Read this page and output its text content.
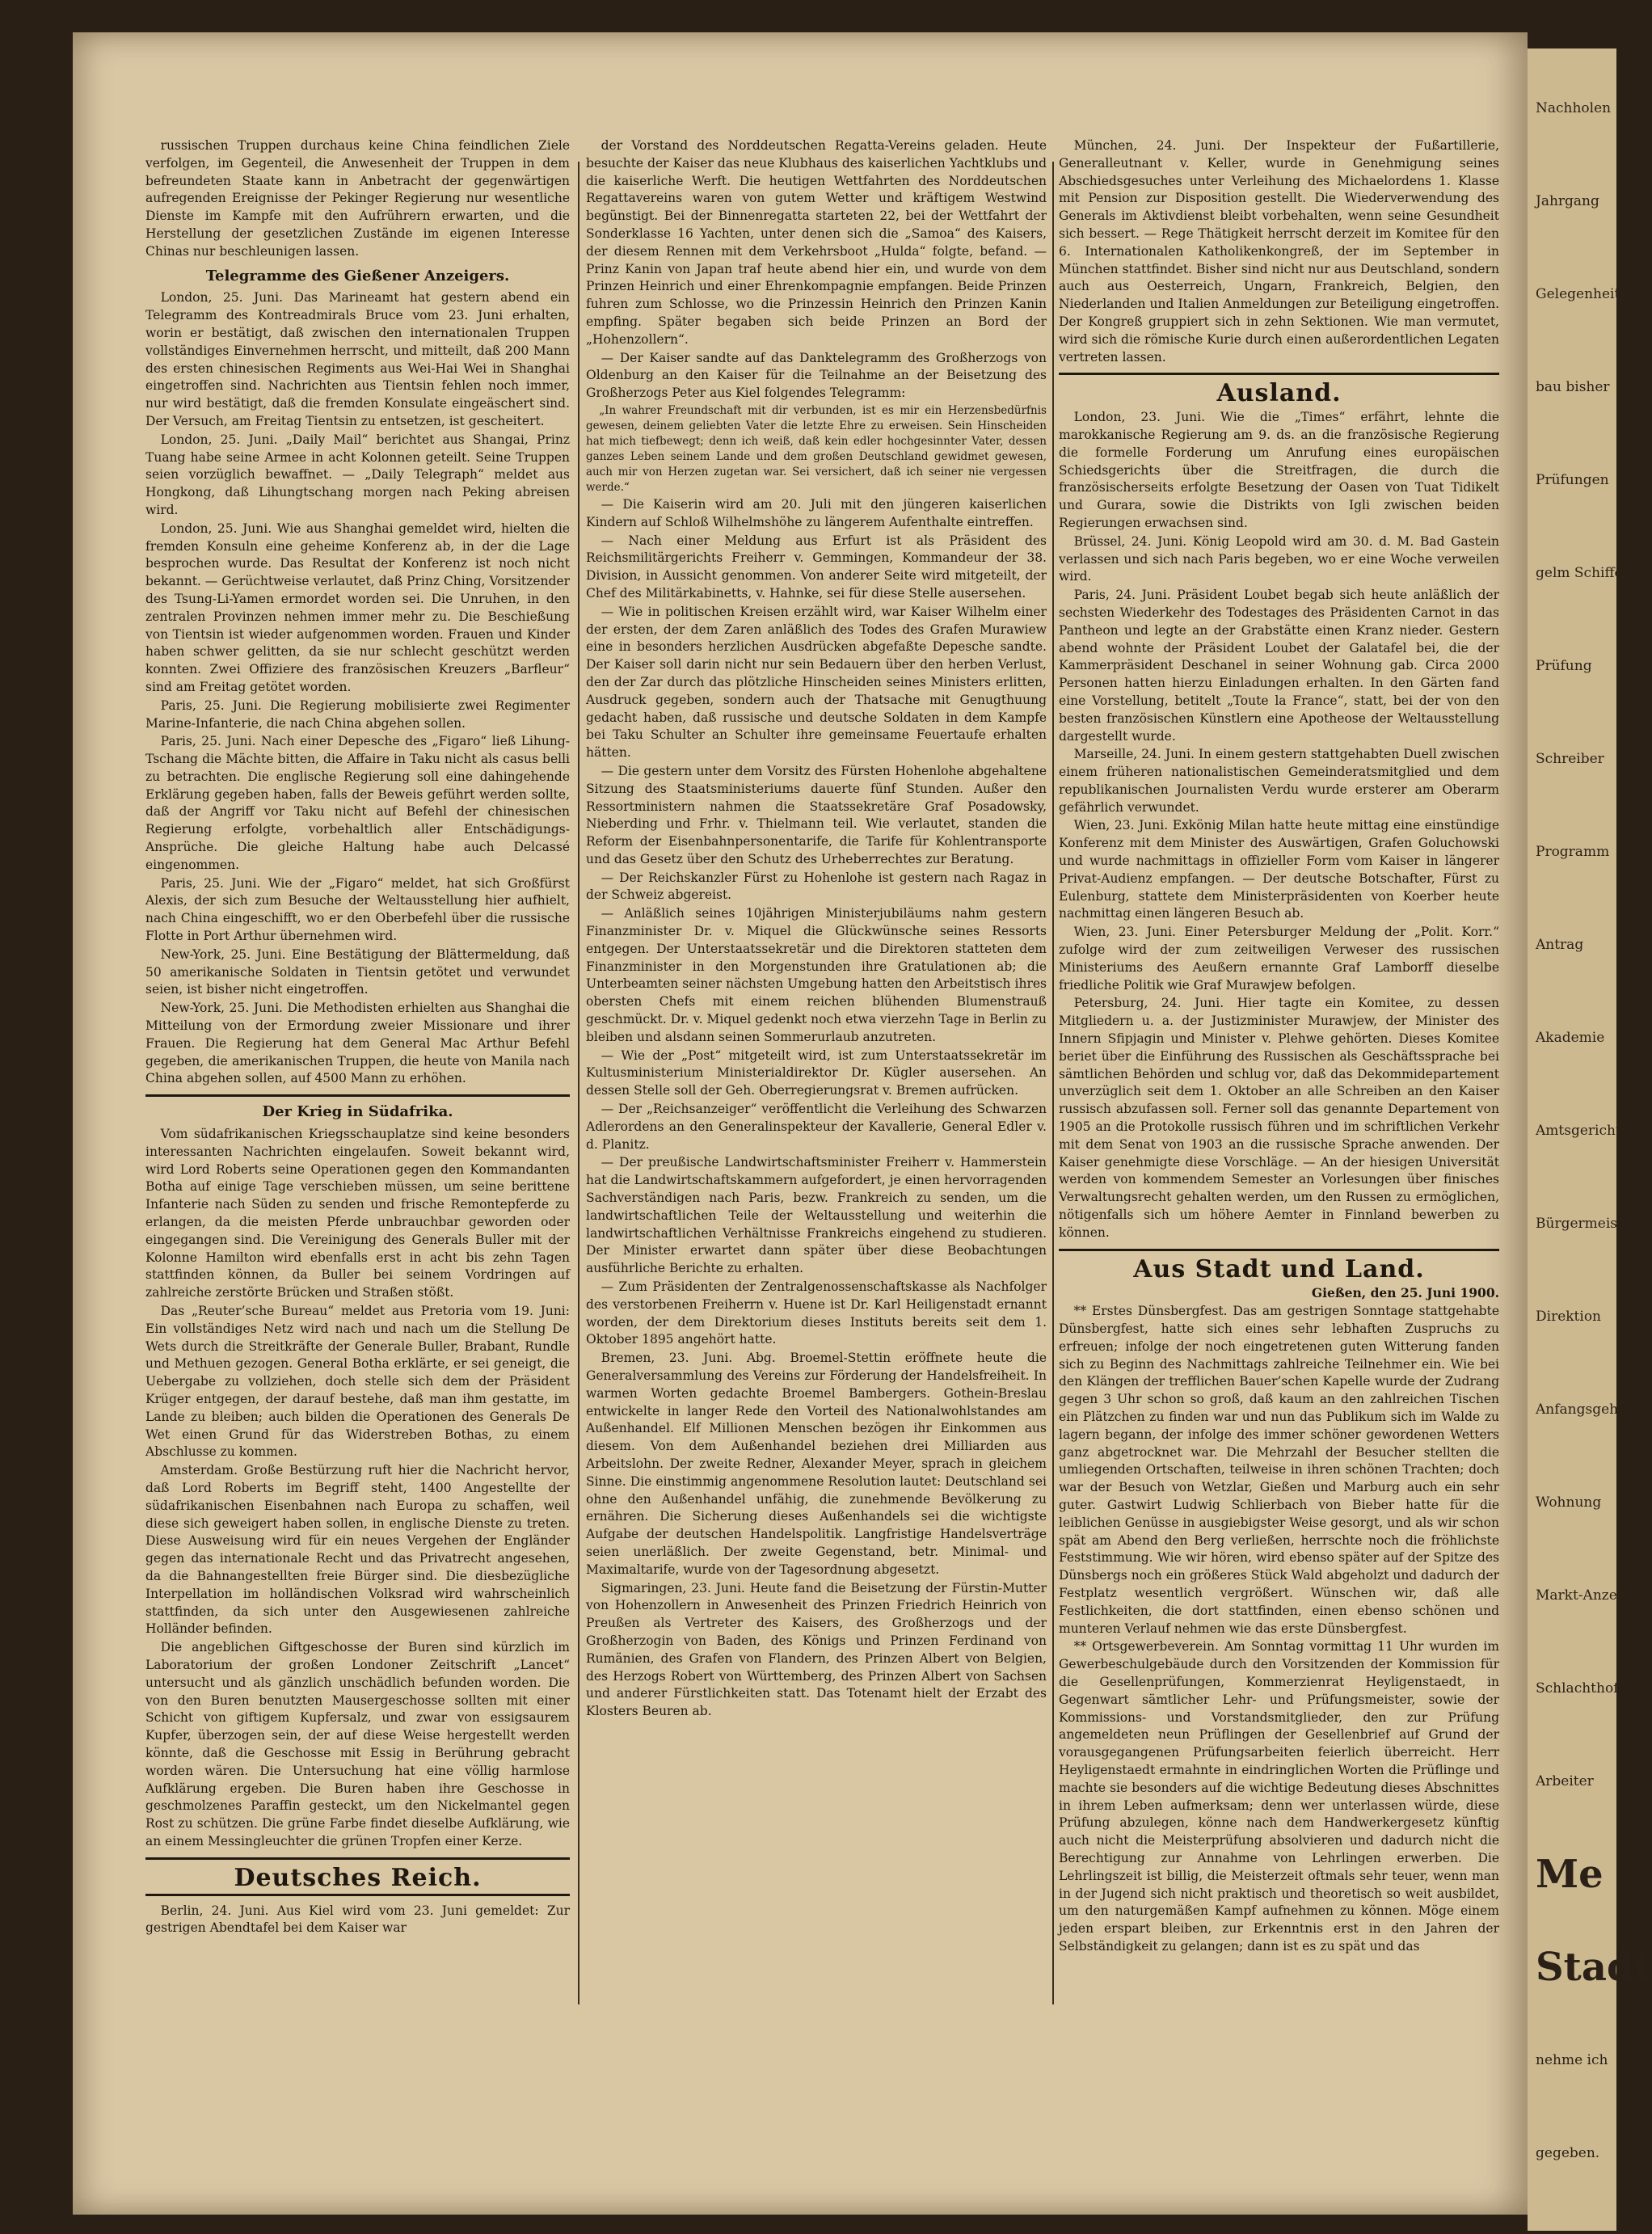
russischen Truppen durchaus keine China feindlichen Ziele verfolgen, im Gegenteil, die Anwesenheit der Truppen in dem befreundeten Staate kann in Anbetracht der gegenwärtigen aufregenden Ereignisse der Pekinger Regierung nur wesentliche Dienste im Kampfe mit den Aufrührern erwarten, und die Herstellung der gesetzlichen Zustände im eigenen Interesse Chinas nur beschleunigen lassen.

Telegramme des Gießener Anzeigers.

London, 25. Juni. Das Marineamt hat gestern abend ein Telegramm des Kontreadmirals Bruce vom 23. Juni erhalten, worin er bestätigt, daß zwischen den internationalen Truppen vollständiges Einvernehmen herrscht, und mitteilt, daß 200 Mann des ersten chinesischen Regiments aus Wei-Hai Wei in Shanghai eingetroffen sind. Nachrichten aus Tientsin fehlen noch immer, nur wird bestätigt, daß die fremden Konsulate eingeäschert sind. Der Versuch, am Freitag Tientsin zu entsetzen, ist gescheitert.

London, 25. Juni. „Daily Mail“ berichtet aus Shangai, Prinz Tuang habe seine Armee in acht Kolonnen geteilt. Seine Truppen seien vorzüglich bewaffnet. — „Daily Telegraph“ meldet aus Hongkong, daß Lihungtschang morgen nach Peking abreisen wird.

London, 25. Juni. Wie aus Shanghai gemeldet wird, hielten die fremden Konsuln eine geheime Konferenz ab, in der die Lage besprochen wurde. Das Resultat der Konferenz ist noch nicht bekannt. — Gerüchtweise verlautet, daß Prinz Ching, Vorsitzender des Tsung-Li-Yamen ermordet worden sei. Die Unruhen, in den zentralen Provinzen nehmen immer mehr zu. Die Beschießung von Tientsin ist wieder aufgenommen worden. Frauen und Kinder haben schwer gelitten, da sie nur schlecht geschützt werden konnten. Zwei Offiziere des französischen Kreuzers „Barfleur“ sind am Freitag getötet worden.

Paris, 25. Juni. Die Regierung mobilisierte zwei Regimenter Marine-Infanterie, die nach China abgehen sollen.

Paris, 25. Juni. Nach einer Depesche des „Figaro“ ließ Lihung-Tschang die Mächte bitten, die Affaire in Taku nicht als casus belli zu betrachten. Die englische Regierung soll eine dahingehende Erklärung gegeben haben, falls der Beweis geführt werden sollte, daß der Angriff vor Taku nicht auf Befehl der chinesischen Regierung erfolgte, vorbehaltlich aller Entschädigungs-Ansprüche. Die gleiche Haltung habe auch Delcassé eingenommen.

Paris, 25. Juni. Wie der „Figaro“ meldet, hat sich Großfürst Alexis, der sich zum Besuche der Weltausstellung hier aufhielt, nach China eingeschifft, wo er den Oberbefehl über die russische Flotte in Port Arthur übernehmen wird.

New-York, 25. Juni. Eine Bestätigung der Blättermeldung, daß 50 amerikanische Soldaten in Tientsin getötet und verwundet seien, ist bisher nicht eingetroffen.

New-York, 25. Juni. Die Methodisten erhielten aus Shanghai die Mitteilung von der Ermordung zweier Missionare und ihrer Frauen. Die Regierung hat dem General Mac Arthur Befehl gegeben, die amerikanischen Truppen, die heute von Manila nach China abgehen sollen, auf 4500 Mann zu erhöhen.

Der Krieg in Südafrika.

Vom südafrikanischen Kriegsschauplatze sind keine besonders interessanten Nachrichten eingelaufen. Soweit bekannt wird, wird Lord Roberts seine Operationen gegen den Kommandanten Botha auf einige Tage verschieben müssen, um seine berittene Infanterie nach Süden zu senden und frische Remontepferde zu erlangen, da die meisten Pferde unbrauchbar geworden oder eingegangen sind. Die Vereinigung des Generals Buller mit der Kolonne Hamilton wird ebenfalls erst in acht bis zehn Tagen stattfinden können, da Buller bei seinem Vordringen auf zahlreiche zerstörte Brücken und Straßen stößt.

Das „Reuter’sche Bureau“ meldet aus Pretoria vom 19. Juni: Ein vollständiges Netz wird nach und nach um die Stellung De Wets durch die Streitkräfte der Generale Buller, Brabant, Rundle und Methuen gezogen. General Botha erklärte, er sei geneigt, die Uebergabe zu vollziehen, doch stelle sich dem der Präsident Krüger entgegen, der darauf bestehe, daß man ihm gestatte, im Lande zu bleiben; auch bilden die Operationen des Generals De Wet einen Grund für das Widerstreben Bothas, zu einem Abschlusse zu kommen.

Amsterdam. Große Bestürzung ruft hier die Nachricht hervor, daß Lord Roberts im Begriff steht, 1400 Angestellte der südafrikanischen Eisenbahnen nach Europa zu schaffen, weil diese sich geweigert haben sollen, in englische Dienste zu treten. Diese Ausweisung wird für ein neues Vergehen der Engländer gegen das internationale Recht und das Privatrecht angesehen, da die Bahnangestellten freie Bürger sind. Die diesbezügliche Interpellation im holländischen Volksrad wird wahrscheinlich stattfinden, da sich unter den Ausgewiesenen zahlreiche Holländer befinden.

Die angeblichen Giftgeschosse der Buren sind kürzlich im Laboratorium der großen Londoner Zeitschrift „Lancet“ untersucht und als gänzlich unschädlich befunden worden. Die von den Buren benutzten Mausergeschosse sollten mit einer Schicht von giftigem Kupfersalz, und zwar von essigsaurem Kupfer, überzogen sein, der auf diese Weise hergestellt werden könnte, daß die Geschosse mit Essig in Berührung gebracht worden wären. Die Untersuchung hat eine völlig harmlose Aufklärung ergeben. Die Buren haben ihre Geschosse in geschmolzenes Paraffin gesteckt, um den Nickelmantel gegen Rost zu schützen. Die grüne Farbe findet dieselbe Aufklärung, wie an einem Messingleuchter die grünen Tropfen einer Kerze.

Deutsches Reich.

Berlin, 24. Juni. Aus Kiel wird vom 23. Juni gemeldet: Zur gestrigen Abendtafel bei dem Kaiser war

der Vorstand des Norddeutschen Regatta-Vereins geladen. Heute besuchte der Kaiser das neue Klubhaus des kaiserlichen Yachtklubs und die kaiserliche Werft. Die heutigen Wettfahrten des Norddeutschen Regattavereins waren von gutem Wetter und kräftigem Westwind begünstigt. Bei der Binnenregatta starteten 22, bei der Wettfahrt der Sonderklasse 16 Yachten, unter denen sich die „Samoa“ des Kaisers, der diesem Rennen mit dem Verkehrsboot „Hulda“ folgte, befand. — Prinz Kanin von Japan traf heute abend hier ein, und wurde von dem Prinzen Heinrich und einer Ehrenkompagnie empfangen. Beide Prinzen fuhren zum Schlosse, wo die Prinzessin Heinrich den Prinzen Kanin empfing. Später begaben sich beide Prinzen an Bord der „Hohenzollern“.

— Der Kaiser sandte auf das Danktelegramm des Großherzogs von Oldenburg an den Kaiser für die Teilnahme an der Beisetzung des Großherzogs Peter aus Kiel folgendes Telegramm:

„In wahrer Freundschaft mit dir verbunden, ist es mir ein Herzensbedürfnis gewesen, deinem geliebten Vater die letzte Ehre zu erweisen. Sein Hinscheiden hat mich tiefbewegt; denn ich weiß, daß kein edler hochgesinnter Vater, dessen ganzes Leben seinem Lande und dem großen Deutschland gewidmet gewesen, auch mir von Herzen zugetan war. Sei versichert, daß ich seiner nie vergessen werde.“

— Die Kaiserin wird am 20. Juli mit den jüngeren kaiserlichen Kindern auf Schloß Wilhelmshöhe zu längerem Aufenthalte eintreffen.

— Nach einer Meldung aus Erfurt ist als Präsident des Reichsmilitärgerichts Freiherr v. Gemmingen, Kommandeur der 38. Division, in Aussicht genommen. Von anderer Seite wird mitgeteilt, der Chef des Militärkabinetts, v. Hahnke, sei für diese Stelle ausersehen.

— Wie in politischen Kreisen erzählt wird, war Kaiser Wilhelm einer der ersten, der dem Zaren anläßlich des Todes des Grafen Murawiew eine in besonders herzlichen Ausdrücken abgefaßte Depesche sandte. Der Kaiser soll darin nicht nur sein Bedauern über den herben Verlust, den der Zar durch das plötzliche Hinscheiden seines Ministers erlitten, Ausdruck gegeben, sondern auch der Thatsache mit Genugthuung gedacht haben, daß russische und deutsche Soldaten in dem Kampfe bei Taku Schulter an Schulter ihre gemeinsame Feuertaufe erhalten hätten.

— Die gestern unter dem Vorsitz des Fürsten Hohenlohe abgehaltene Sitzung des Staatsministeriums dauerte fünf Stunden. Außer den Ressortministern nahmen die Staatssekretäre Graf Posadowsky, Nieberding und Frhr. v. Thielmann teil. Wie verlautet, standen die Reform der Eisenbahnpersonentarife, die Tarife für Kohlentransporte und das Gesetz über den Schutz des Urheberrechtes zur Beratung.

— Der Reichskanzler Fürst zu Hohenlohe ist gestern nach Ragaz in der Schweiz abgereist.

— Anläßlich seines 10jährigen Ministerjubiläums nahm gestern Finanzminister Dr. v. Miquel die Glückwünsche seines Ressorts entgegen. Der Unterstaatssekretär und die Direktoren statteten dem Finanzminister in den Morgenstunden ihre Gratulationen ab; die Unterbeamten seiner nächsten Umgebung hatten den Arbeitstisch ihres obersten Chefs mit einem reichen blühenden Blumenstrauß geschmückt. Dr. v. Miquel gedenkt noch etwa vierzehn Tage in Berlin zu bleiben und alsdann seinen Sommerurlaub anzutreten.

— Wie der „Post“ mitgeteilt wird, ist zum Unterstaatssekretär im Kultusministerium Ministerialdirektor Dr. Kügler ausersehen. An dessen Stelle soll der Geh. Oberregierungsrat v. Bremen aufrücken.

— Der „Reichsanzeiger“ veröffentlicht die Verleihung des Schwarzen Adlerordens an den Generalinspekteur der Kavallerie, General Edler v. d. Planitz.

— Der preußische Landwirtschaftsminister Freiherr v. Hammerstein hat die Landwirtschaftskammern aufgefordert, je einen hervorragenden Sachverständigen nach Paris, bezw. Frankreich zu senden, um die landwirtschaftlichen Teile der Weltausstellung und weiterhin die landwirtschaftlichen Verhältnisse Frankreichs eingehend zu studieren. Der Minister erwartet dann später über diese Beobachtungen ausführliche Berichte zu erhalten.

— Zum Präsidenten der Zentralgenossenschaftskasse als Nachfolger des verstorbenen Freiherrn v. Huene ist Dr. Karl Heiligenstadt ernannt worden, der dem Direktorium dieses Instituts bereits seit dem 1. Oktober 1895 angehört hatte.

Bremen, 23. Juni. Abg. Broemel-Stettin eröffnete heute die Generalversammlung des Vereins zur Förderung der Handelsfreiheit. In warmen Worten gedachte Broemel Bambergers. Gothein-Breslau entwickelte in langer Rede den Vorteil des Nationalwohlstandes am Außenhandel. Elf Millionen Menschen bezögen ihr Einkommen aus diesem. Von dem Außenhandel beziehen drei Milliarden aus Arbeitslohn. Der zweite Redner, Alexander Meyer, sprach in gleichem Sinne. Die einstimmig angenommene Resolution lautet: Deutschland sei ohne den Außenhandel unfähig, die zunehmende Bevölkerung zu ernähren. Die Sicherung dieses Außenhandels sei die wichtigste Aufgabe der deutschen Handelspolitik. Langfristige Handelsverträge seien unerläßlich. Der zweite Gegenstand, betr. Minimal- und Maximaltarife, wurde von der Tagesordnung abgesetzt.

Sigmaringen, 23. Juni. Heute fand die Beisetzung der Fürstin-Mutter von Hohenzollern in Anwesenheit des Prinzen Friedrich Heinrich von Preußen als Vertreter des Kaisers, des Großherzogs und der Großherzogin von Baden, des Königs und Prinzen Ferdinand von Rumänien, des Grafen von Flandern, des Prinzen Albert von Belgien, des Herzogs Robert von Württemberg, des Prinzen Albert von Sachsen und anderer Fürstlichkeiten statt. Das Totenamt hielt der Erzabt des Klosters Beuren ab.

München, 24. Juni. Der Inspekteur der Fußartillerie, Generalleutnant v. Keller, wurde in Genehmigung seines Abschiedsgesuches unter Verleihung des Michaelordens 1. Klasse mit Pension zur Disposition gestellt. Die Wiederverwendung des Generals im Aktivdienst bleibt vorbehalten, wenn seine Gesundheit sich bessert. — Rege Thätigkeit herrscht derzeit im Komitee für den 6. Internationalen Katholikenkongreß, der im September in München stattfindet. Bisher sind nicht nur aus Deutschland, sondern auch aus Oesterreich, Ungarn, Frankreich, Belgien, den Niederlanden und Italien Anmeldungen zur Beteiligung eingetroffen. Der Kongreß gruppiert sich in zehn Sektionen. Wie man vermutet, wird sich die römische Kurie durch einen außerordentlichen Legaten vertreten lassen.

Ausland.

London, 23. Juni. Wie die „Times“ erfährt, lehnte die marokkanische Regierung am 9. ds. an die französische Regierung die formelle Forderung um Anrufung eines europäischen Schiedsgerichts über die Streitfragen, die durch die französischerseits erfolgte Besetzung der Oasen von Tuat Tidikelt und Gurara, sowie die Distrikts von Igli zwischen beiden Regierungen erwachsen sind.

Brüssel, 24. Juni. König Leopold wird am 30. d. M. Bad Gastein verlassen und sich nach Paris begeben, wo er eine Woche verweilen wird.

Paris, 24. Juni. Präsident Loubet begab sich heute anläßlich der sechsten Wiederkehr des Todestages des Präsidenten Carnot in das Pantheon und legte an der Grabstätte einen Kranz nieder. Gestern abend wohnte der Präsident Loubet der Galatafel bei, die der Kammerpräsident Deschanel in seiner Wohnung gab. Circa 2000 Personen hatten hierzu Einladungen erhalten. In den Gärten fand eine Vorstellung, betitelt „Toute la France“, statt, bei der von den besten französischen Künstlern eine Apotheose der Weltausstellung dargestellt wurde.

Marseille, 24. Juni. In einem gestern stattgehabten Duell zwischen einem früheren nationalistischen Gemeinderatsmitglied und dem republikanischen Journalisten Verdu wurde ersterer am Oberarm gefährlich verwundet.

Wien, 23. Juni. Exkönig Milan hatte heute mittag eine einstündige Konferenz mit dem Minister des Auswärtigen, Grafen Goluchowski und wurde nachmittags in offizieller Form vom Kaiser in längerer Privat-Audienz empfangen. — Der deutsche Botschafter, Fürst zu Eulenburg, stattete dem Ministerpräsidenten von Koerber heute nachmittag einen längeren Besuch ab.

Wien, 23. Juni. Einer Petersburger Meldung der „Polit. Korr.“ zufolge wird der zum zeitweiligen Verweser des russischen Ministeriums des Aeußern ernannte Graf Lamborff dieselbe friedliche Politik wie Graf Murawjew befolgen.

Petersburg, 24. Juni. Hier tagte ein Komitee, zu dessen Mitgliedern u. a. der Justizminister Murawjew, der Minister des Innern Sfipjagin und Minister v. Plehwe gehörten. Dieses Komitee beriet über die Einführung des Russischen als Geschäftssprache bei sämtlichen Behörden und schlug vor, daß das Dekommidepartement unverzüglich seit dem 1. Oktober an alle Schreiben an den Kaiser russisch abzufassen soll. Ferner soll das genannte Departement von 1905 an die Protokolle russisch führen und im schriftlichen Verkehr mit dem Senat von 1903 an die russische Sprache anwenden. Der Kaiser genehmigte diese Vorschläge. — An der hiesigen Universität werden von kommendem Semester an Vorlesungen über finisches Verwaltungsrecht gehalten werden, um den Russen zu ermöglichen, nötigenfalls sich um höhere Aemter in Finnland bewerben zu können.

Aus Stadt und Land.

Gießen, den 25. Juni 1900.

** Erstes Dünsbergfest. Das am gestrigen Sonntage stattgehabte Dünsbergfest, hatte sich eines sehr lebhaften Zuspruchs zu erfreuen; infolge der noch eingetretenen guten Witterung fanden sich zu Beginn des Nachmittags zahlreiche Teilnehmer ein. Wie bei den Klängen der trefflichen Bauer’schen Kapelle wurde der Zudrang gegen 3 Uhr schon so groß, daß kaum an den zahlreichen Tischen ein Plätzchen zu finden war und nun das Publikum sich im Walde zu lagern begann, der infolge des immer schöner gewordenen Wetters ganz abgetrocknet war. Die Mehrzahl der Besucher stellten die umliegenden Ortschaften, teilweise in ihren schönen Trachten; doch war der Besuch von Wetzlar, Gießen und Marburg auch ein sehr guter. Gastwirt Ludwig Schlierbach von Bieber hatte für die leiblichen Genüsse in ausgiebigster Weise gesorgt, und als wir schon spät am Abend den Berg verließen, herrschte noch die fröhlichste Feststimmung. Wie wir hören, wird ebenso später auf der Spitze des Dünsbergs noch ein größeres Stück Wald abgeholzt und dadurch der Festplatz wesentlich vergrößert. Wünschen wir, daß alle Festlichkeiten, die dort stattfinden, einen ebenso schönen und munteren Verlauf nehmen wie das erste Dünsbergfest.

** Ortsgewerbeverein. Am Sonntag vormittag 11 Uhr wurden im Gewerbeschulgebäude durch den Vorsitzenden der Kommission für die Gesellenprüfungen, Kommerzienrat Heyligenstaedt, in Gegenwart sämtlicher Lehr- und Prüfungsmeister, sowie der Kommissions- und Vorstandsmitglieder, den zur Prüfung angemeldeten neun Prüflingen der Gesellenbrief auf Grund der vorausgegangenen Prüfungsarbeiten feierlich überreicht. Herr Heyligenstaedt ermahnte in eindringlichen Worten die Prüflinge und machte sie besonders auf die wichtige Bedeutung dieses Abschnittes in ihrem Leben aufmerksam; denn wer unterlassen würde, diese Prüfung abzulegen, könne nach dem Handwerkergesetz künftig auch nicht die Meisterprüfung absolvieren und dadurch nicht die Berechtigung zur Annahme von Lehrlingen erwerben. Die Lehrlingszeit ist billig, die Meisterzeit oftmals sehr teuer, wenn man in der Jugend sich nicht praktisch und theoretisch so weit ausbildet, um den naturgemäßen Kampf aufnehmen zu können. Möge einem jeden erspart bleiben, zur Erkenntnis erst in den Jahren der Selbständigkeit zu gelangen; dann ist es zu spät und das

Nachholen
Jahrgang
Gelegenheit
bau bisher
Prüfungen
gelm Schiffer
Prüfung
Schreiber
Programm
Antrag
Akademie
Amtsgericht
Bürgermeister
Direktion
Anfangsgehalt
Wohnung
Markt-Anzeige
Schlachthof
Arbeiter
Me
Stadt
nehme ich
gegeben.
